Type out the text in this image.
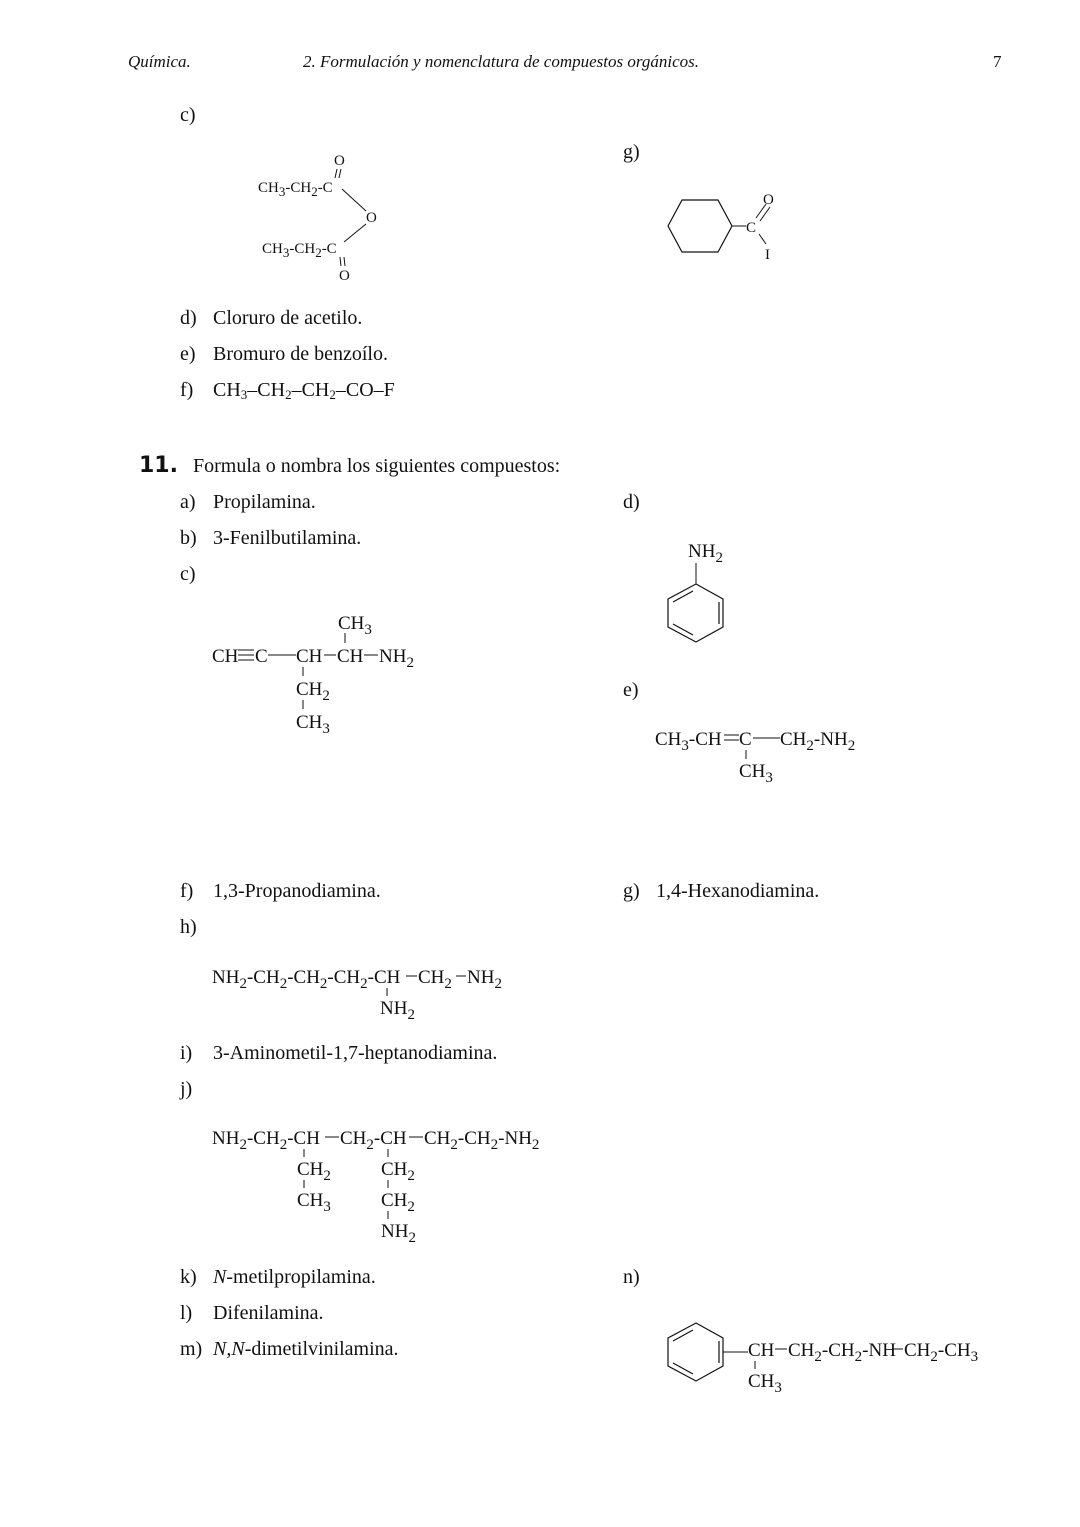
Química.	2. Formulación y nomenclatura de compuestos orgánicos.	7
c)
g)
d) Cloruro de acetilo.
e) Bromuro de benzoílo.
f) $CH_3-CH_2-CH_2-CO-F$
11. Formula o nombra los siguientes compuestos:
a) Propilamina.	d)
b) 3-Fenilbutilamina.
c)
e)
f) 1,3-Propanodiamina.	g) 1,4-Hexanodiamina.
h)
i) 3-Aminometil-1,7-heptanodiamina.
j)
k) N-metilpropilamina.	n)
l) Difenilamina.
m) N,N-dimetilvinilamina.
O
CH3-CH2-C
O
CH3-CH2-C
O
C
O
I
$CH_3$
CH C CH CH $NH_2$
$CH_2$
$CH_3$
$NH_2$
$CH_3-CH$ C $CH_2-NH_2$
$CH_3$
$NH_2-CH_2-CH_2-CH_2-CH$ $CH_2$ $NH_2$
$NH_2$
$NH_2-CH_2-CH$ $CH_2-CH$ $CH_2-CH_2-NH_2$
$CH_2$
$CH_3$
$CH_2$
$CH_2$
$NH_2$
CH $CH_2-CH_2-NH$ $CH_2-CH_3$
$CH_3$
